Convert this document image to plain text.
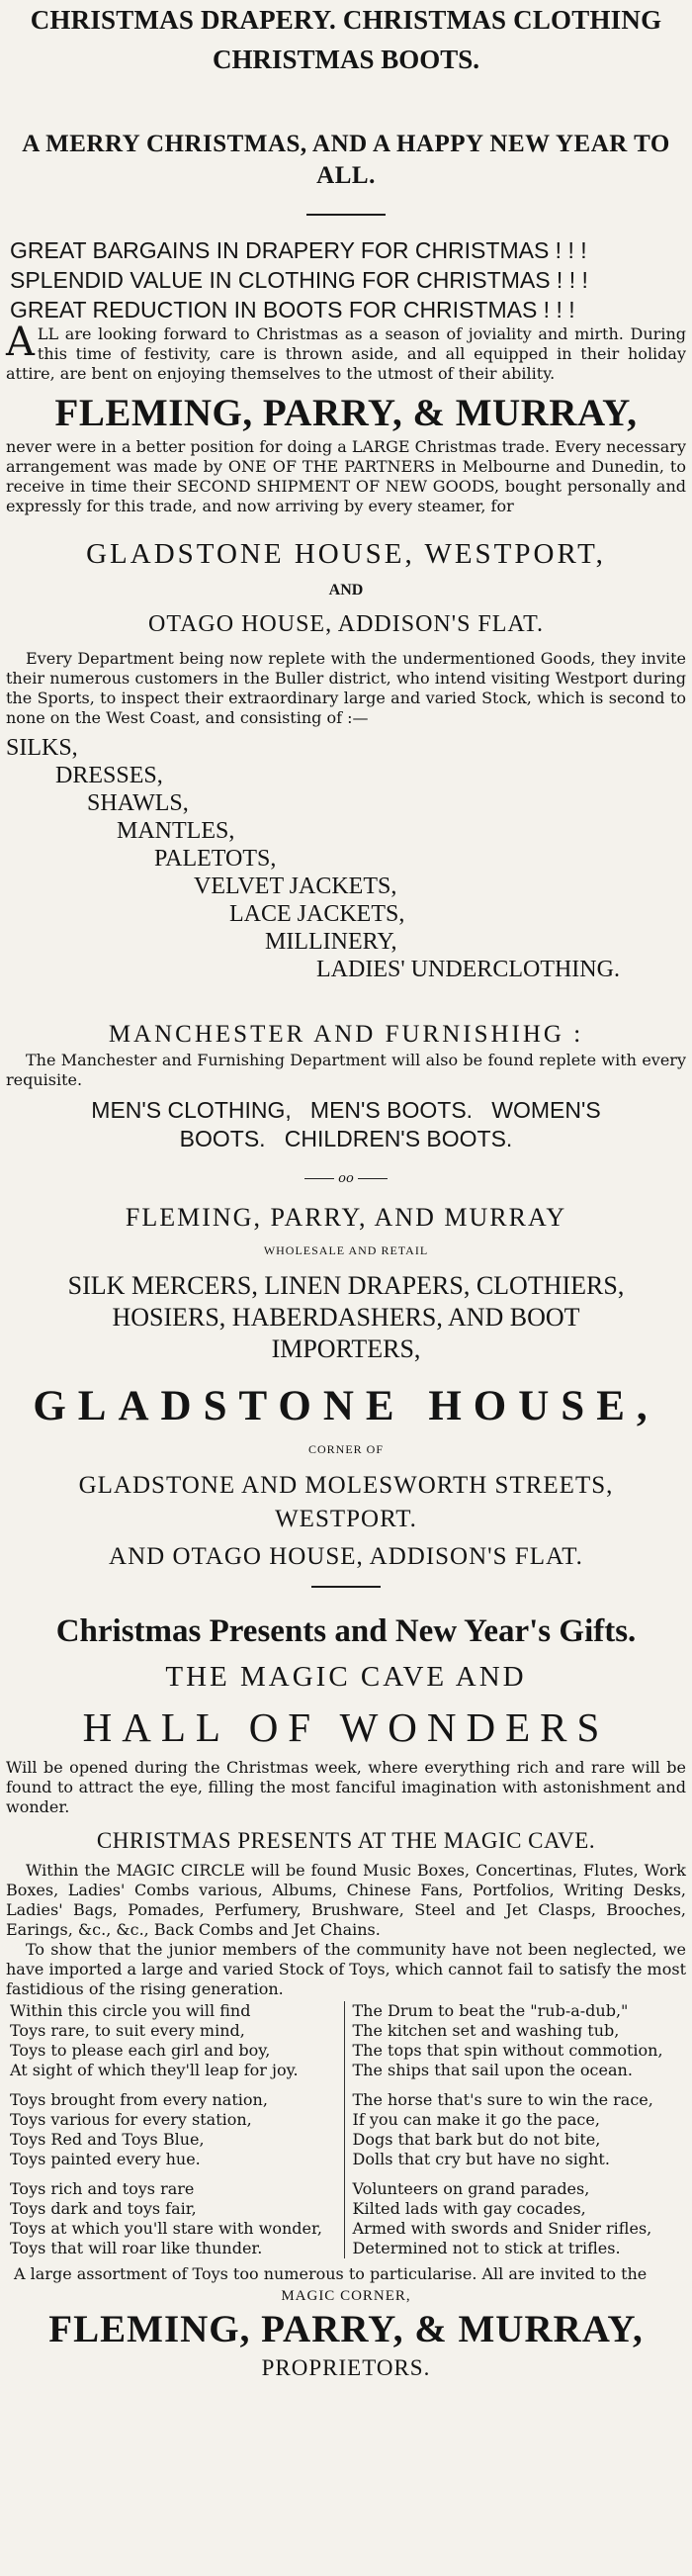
CHRISTMAS DRAPERY. CHRISTMAS CLOTHING
CHRISTMAS BOOTS.
A MERRY CHRISTMAS, AND A HAPPY NEW YEAR TO ALL.
GREAT BARGAINS IN DRAPERY FOR CHRISTMAS ! ! !
SPLENDID VALUE IN CLOTHING FOR CHRISTMAS ! ! !
GREAT REDUCTION IN BOOTS FOR CHRISTMAS ! ! !

ALL are looking forward to Christmas as a season of joviality and mirth. During this time of festivity, care is thrown aside, and all equipped in their holiday attire, are bent on enjoying themselves to the utmost of their ability.

FLEMING, PARRY, & MURRAY,

never were in a better position for doing a LARGE Christmas trade. Every necessary arrangement was made by ONE OF THE PARTNERS in Melbourne and Dunedin, to receive in time their SECOND SHIPMENT OF NEW GOODS, bought personally and expressly for this trade, and now arriving by every steamer, for

GLADSTONE HOUSE, WESTPORT,
AND
OTAGO HOUSE, ADDISON'S FLAT.

Every Department being now replete with the undermentioned Goods, they invite their numerous customers in the Buller district, who intend visiting Westport during the Sports, to inspect their extraordinary large and varied Stock, which is second to none on the West Coast, and consisting of :—

SILKS,
DRESSES,
SHAWLS,
MANTLES,
PALETOTS,
VELVET JACKETS,
LACE JACKETS,
MILLINERY,
LADIES' UNDERCLOTHING.
MANCHESTER AND FURNISHIHG :

The Manchester and Furnishing Department will also be found replete with every requisite.

MEN'S CLOTHING,   MEN'S BOOTS.   WOMEN'S
BOOTS.   CHILDREN'S BOOTS.
oo
FLEMING, PARRY, AND MURRAY
WHOLESALE AND RETAIL
SILK MERCERS, LINEN DRAPERS, CLOTHIERS,
HOSIERS, HABERDASHERS, AND BOOT
IMPORTERS,
GLADSTONE HOUSE,
CORNER OF
GLADSTONE AND MOLESWORTH STREETS,
WESTPORT.
AND OTAGO HOUSE, ADDISON'S FLAT.
Christmas Presents and New Year's Gifts.
THE MAGIC CAVE AND
HALL OF WONDERS

Will be opened during the Christmas week, where everything rich and rare will be found to attract the eye, filling the most fanciful imagination with astonishment and wonder.

CHRISTMAS PRESENTS AT THE MAGIC CAVE.

Within the MAGIC CIRCLE will be found Music Boxes, Concertinas, Flutes, Work Boxes, Ladies' Combs various, Albums, Chinese Fans, Portfolios, Writing Desks, Ladies' Bags, Pomades, Perfumery, Brushware, Steel and Jet Clasps, Brooches, Earings, &c., &c., Back Combs and Jet Chains.

To show that the junior members of the community have not been neglected, we have imported a large and varied Stock of Toys, which cannot fail to satisfy the most fastidious of the rising generation.

Within this circle you will find
Toys rare, to suit every mind,
Toys to please each girl and boy,
At sight of which they'll leap for joy.
Toys brought from every nation,
Toys various for every station,
Toys Red and Toys Blue,
Toys painted every hue.
Toys rich and toys rare
Toys dark and toys fair,
Toys at which you'll stare with wonder,
Toys that will roar like thunder.
The Drum to beat the "rub-a-dub,"
The kitchen set and washing tub,
The tops that spin without commotion,
The ships that sail upon the ocean.
The horse that's sure to win the race,
If you can make it go the pace,
Dogs that bark but do not bite,
Dolls that cry but have no sight.
Volunteers on grand parades,
Kilted lads with gay cocades,
Armed with swords and Snider rifles,
Determined not to stick at trifles.

A large assortment of Toys too numerous to particularise. All are invited to the

MAGIC CORNER,
FLEMING, PARRY, & MURRAY,
PROPRIETORS.
